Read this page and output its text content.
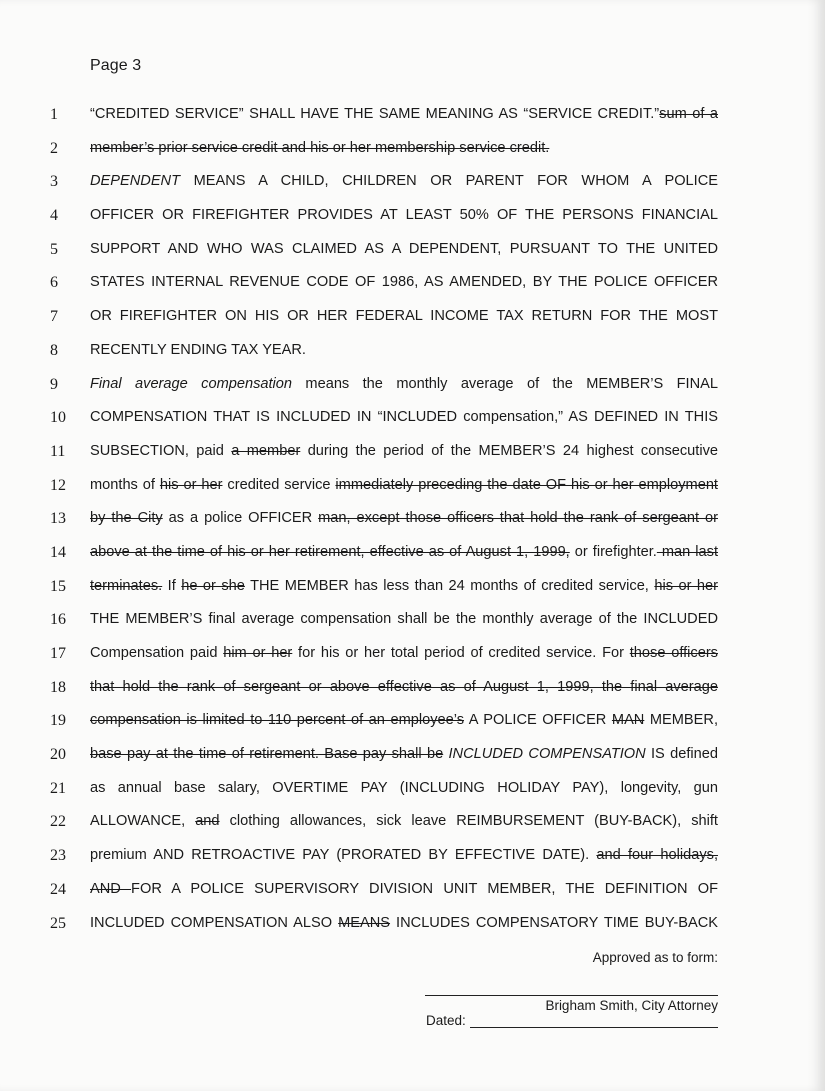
Page 3
1	“CREDITED SERVICE” SHALL HAVE THE SAME MEANING AS “SERVICE CREDIT.”sum of a
2	member’s prior service credit and his or her membership service credit.
3	DEPENDENT MEANS A CHILD, CHILDREN OR PARENT FOR WHOM A POLICE
4	OFFICER OR FIREFIGHTER PROVIDES AT LEAST 50% OF THE PERSONS FINANCIAL
5	SUPPORT AND WHO WAS CLAIMED AS A DEPENDENT, PURSUANT TO THE UNITED
6	STATES INTERNAL REVENUE CODE OF 1986, AS AMENDED, BY THE POLICE OFFICER
7	OR FIREFIGHTER ON HIS OR HER FEDERAL INCOME TAX RETURN FOR THE MOST
8	RECENTLY ENDING TAX YEAR.
9	Final average compensation means the monthly average of the MEMBER’S FINAL
10 COMPENSATION THAT IS INCLUDED IN “INCLUDED compensation,” AS DEFINED IN THIS
11	SUBSECTION, paid a member during the period of the MEMBER’S 24 highest consecutive
12 months of his or her credited service immediately preceding the date OF his or her employment
13 by the City as a police OFFICER man, except those officers that hold the rank of sergeant or
14 above at the time of his or her retirement, effective as of August 1, 1999, or firefighter. man last
15 terminates. If he or she THE MEMBER has less than 24 months of credited service, his or her
16 THE MEMBER’S final average compensation shall be the monthly average of the INCLUDED
17 Compensation paid him or her for his or her total period of credited service. For those officers
18 that hold the rank of sergeant or above effective as of August 1, 1999, the final average
19 compensation is limited to 110 percent of an employee’s A POLICE OFFICER MAN MEMBER,
20 base pay at the time of retirement. Base pay shall be INCLUDED COMPENSATION IS defined
21 as annual base salary, OVERTIME PAY (INCLUDING HOLIDAY PAY), longevity, gun
22 ALLOWANCE, and clothing allowances, sick leave REIMBURSEMENT (BUY-BACK), shift
23 premium AND RETROACTIVE PAY (PRORATED BY EFFECTIVE DATE). and four holidays,
24 AND FOR A POLICE SUPERVISORY DIVISION UNIT MEMBER, THE DEFINITION OF
25 INCLUDED COMPENSATION ALSO MEANS INCLUDES COMPENSATORY TIME BUY-BACK
Approved as to form:
Brigham Smith, City Attorney
Dated:
